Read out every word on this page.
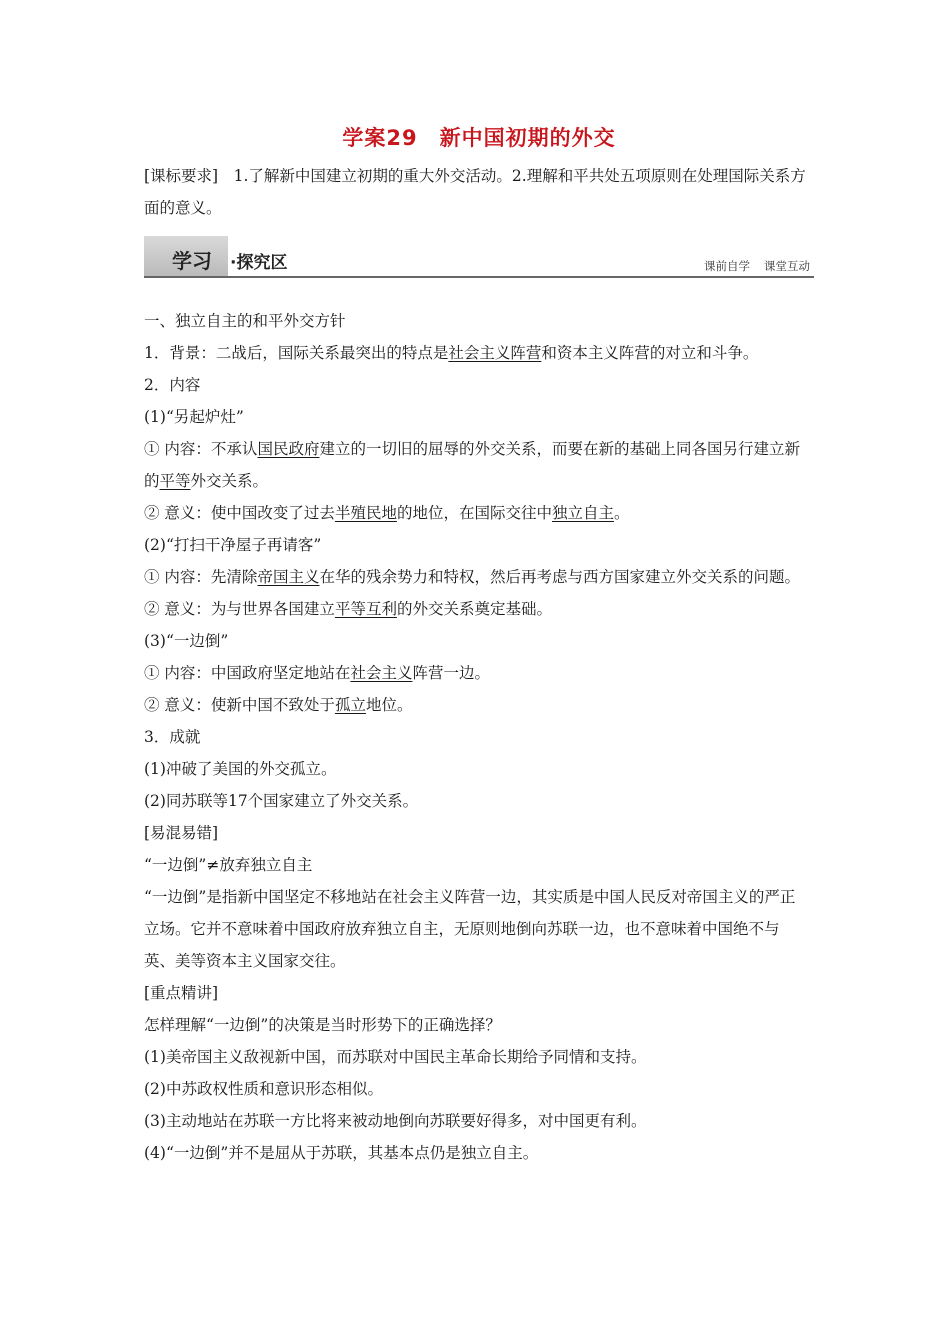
学案29 新中国初期的外交
[课标要求]　1.了解新中国建立初期的重大外交活动。2.理解和平共处五项原则在处理国际关系方面的意义。
学习 ·探究区	课前自学 课堂互动

一、独立自主的和平外交方针

1．背景：二战后，国际关系最突出的特点是社会主义阵营和资本主义阵营的对立和斗争。

2．内容

(1)“另起炉灶”

① 内容：不承认国民政府建立的一切旧的屈辱的外交关系，而要在新的基础上同各国另行建立新的平等外交关系。

② 意义：使中国改变了过去半殖民地的地位，在国际交往中独立自主。

(2)“打扫干净屋子再请客”

① 内容：先清除帝国主义在华的残余势力和特权，然后再考虑与西方国家建立外交关系的问题。

② 意义：为与世界各国建立平等互利的外交关系奠定基础。

(3)“一边倒”

① 内容：中国政府坚定地站在社会主义阵营一边。

② 意义：使新中国不致处于孤立地位。

3．成就

(1)冲破了美国的外交孤立。

(2)同苏联等17个国家建立了外交关系。

[易混易错]

“一边倒”≠放弃独立自主

“一边倒”是指新中国坚定不移地站在社会主义阵营一边，其实质是中国人民反对帝国主义的严正立场。它并不意味着中国政府放弃独立自主，无原则地倒向苏联一边，也不意味着中国绝不与英、美等资本主义国家交往。

[重点精讲]

怎样理解“一边倒”的决策是当时形势下的正确选择？

(1)美帝国主义敌视新中国，而苏联对中国民主革命长期给予同情和支持。

(2)中苏政权性质和意识形态相似。

(3)主动地站在苏联一方比将来被动地倒向苏联要好得多，对中国更有利。

(4)“一边倒”并不是屈从于苏联，其基本点仍是独立自主。
